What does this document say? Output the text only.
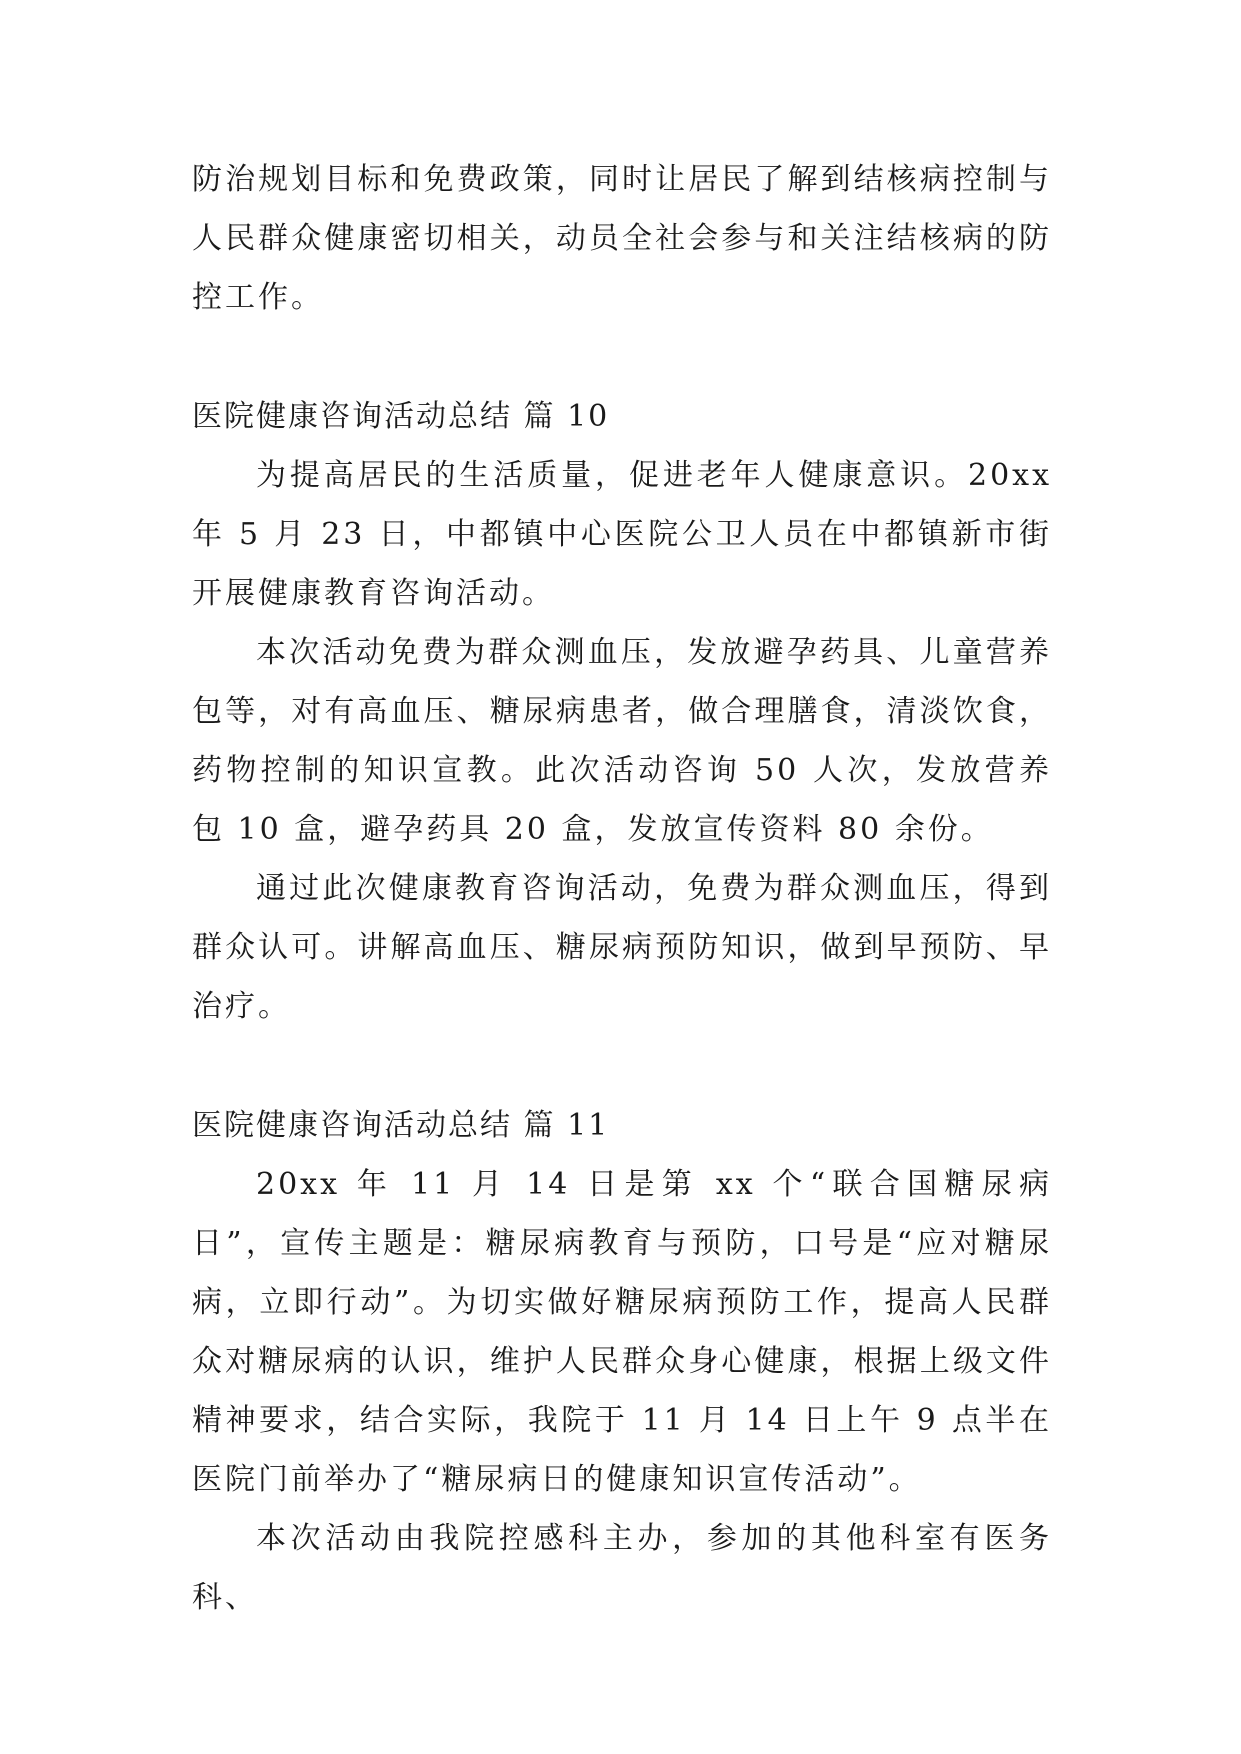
防治规划目标和免费政策，同时让居民了解到结核病控制与人民群众健康密切相关，动员全社会参与和关注结核病的防控工作。

医院健康咨询活动总结 篇 10

为提高居民的生活质量，促进老年人健康意识。20xx 年 5 月 23 日，中都镇中心医院公卫人员在中都镇新市街开展健康教育咨询活动。

本次活动免费为群众测血压，发放避孕药具、儿童营养包等，对有高血压、糖尿病患者，做合理膳食，清淡饮食，药物控制的知识宣教。此次活动咨询 50 人次，发放营养包 10 盒，避孕药具 20 盒，发放宣传资料 80 余份。

通过此次健康教育咨询活动，免费为群众测血压，得到群众认可。讲解高血压、糖尿病预防知识，做到早预防、早治疗。

医院健康咨询活动总结 篇 11

20xx 年 11 月 14 日是第 xx 个“联合国糖尿病日”，宣传主题是：糖尿病教育与预防，口号是“应对糖尿病，立即行动”。为切实做好糖尿病预防工作，提高人民群众对糖尿病的认识，维护人民群众身心健康，根据上级文件精神要求，结合实际，我院于 11 月 14 日上午 9 点半在医院门前举办了“糖尿病日的健康知识宣传活动”。

本次活动由我院控感科主办，参加的其他科室有医务科、
